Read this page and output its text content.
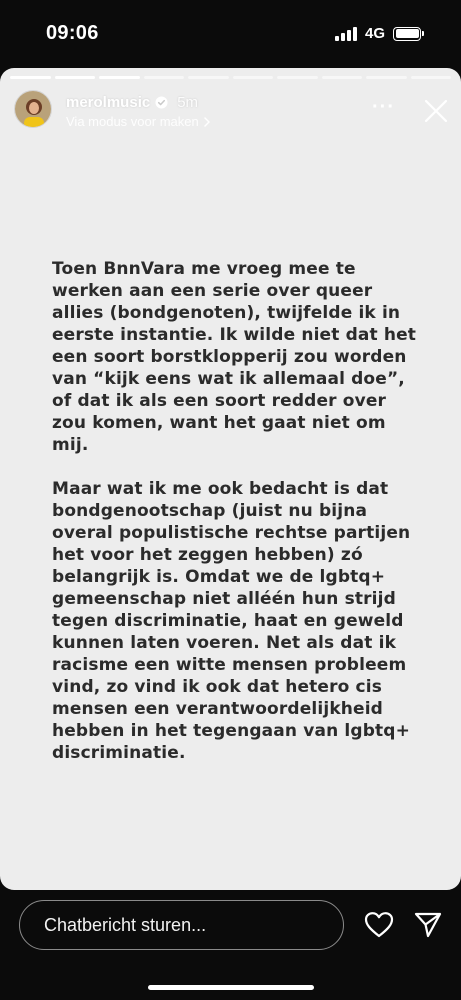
09:06	4G
merolmusic 5m
Via modus voor maken
···

Toen BnnVara me vroeg mee te werken aan een serie over queer allies (bondgenoten), twijfelde ik in eerste instantie. Ik wilde niet dat het een soort borstklopperij zou worden van “kijk eens wat ik allemaal doe”, of dat ik als een soort redder over zou komen, want het gaat niet om mij.

Maar wat ik me ook bedacht is dat bondgenootschap (juist nu bijna overal populistische rechtse partijen het voor het zeggen hebben) zó belangrijk is. Omdat we de lgbtq+ gemeenschap niet alléén hun strijd tegen discriminatie, haat en geweld kunnen laten voeren. Net als dat ik racisme een witte mensen probleem vind, zo vind ik ook dat hetero cis mensen een verantwoordelijkheid hebben in het tegengaan van lgbtq+ discriminatie.

Chatbericht sturen...
